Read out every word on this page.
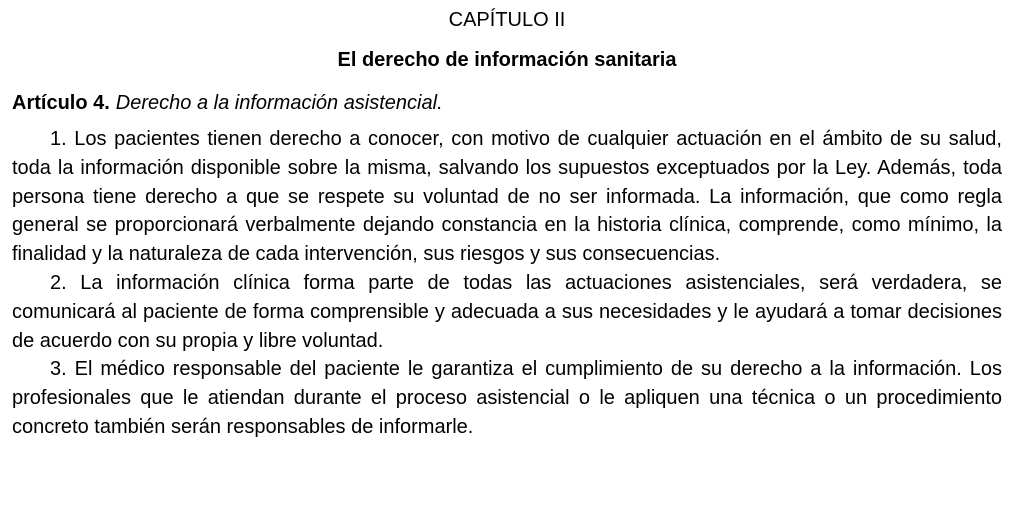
CAPÍTULO II

El derecho de información sanitaria

Artículo 4. Derecho a la información asistencial.

1. Los pacientes tienen derecho a conocer, con motivo de cualquier actuación en el ámbito de su salud, toda la información disponible sobre la misma, salvando los supuestos exceptuados por la Ley. Además, toda persona tiene derecho a que se respete su voluntad de no ser informada. La información, que como regla general se proporcionará verbalmente dejando constancia en la historia clínica, comprende, como mínimo, la finalidad y la naturaleza de cada intervención, sus riesgos y sus consecuencias.

2. La información clínica forma parte de todas las actuaciones asistenciales, será verdadera, se comunicará al paciente de forma comprensible y adecuada a sus necesidades y le ayudará a tomar decisiones de acuerdo con su propia y libre voluntad.

3. El médico responsable del paciente le garantiza el cumplimiento de su derecho a la información. Los profesionales que le atiendan durante el proceso asistencial o le apliquen una técnica o un procedimiento concreto también serán responsables de informarle.
